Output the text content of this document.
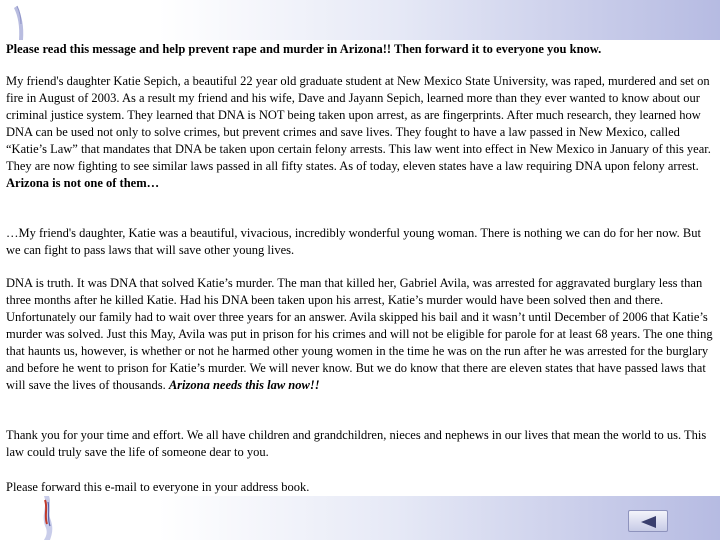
Please read this message and help prevent rape and murder in Arizona!! Then forward it to everyone you know.

My friend's daughter Katie Sepich, a beautiful 22 year old graduate student at New Mexico State University, was raped, murdered and set on fire in August of 2003. As a result my friend and his wife, Dave and Jayann Sepich, learned more than they ever wanted to know about our criminal justice system. They learned that DNA is NOT being taken upon arrest, as are fingerprints. After much research, they learned how DNA can be used not only to solve crimes, but prevent crimes and save lives. They fought to have a law passed in New Mexico, called “Katie’s Law” that mandates that DNA be taken upon certain felony arrests. This law went into effect in New Mexico in January of this year. They are now fighting to see similar laws passed in all fifty states. As of today, eleven states have a law requiring DNA upon felony arrest. Arizona is not one of them…

…My friend's daughter, Katie was a beautiful, vivacious, incredibly wonderful young woman. There is nothing we can do for her now. But we can fight to pass laws that will save other young lives.

DNA is truth. It was DNA that solved Katie’s murder. The man that killed her, Gabriel Avila, was arrested for aggravated burglary less than three months after he killed Katie. Had his DNA been taken upon his arrest, Katie’s murder would have been solved then and there. Unfortunately our family had to wait over three years for an answer. Avila skipped his bail and it wasn’t until December of 2006 that Katie’s murder was solved. Just this May, Avila was put in prison for his crimes and will not be eligible for parole for at least 68 years. The one thing that haunts us, however, is whether or not he harmed other young women in the time he was on the run after he was arrested for the burglary and before he went to prison for Katie’s murder. We will never know. But we do know that there are eleven states that have passed laws that will save the lives of thousands. Arizona needs this law now!!

Thank you for your time and effort. We all have children and grandchildren, nieces and nephews in our lives that mean the world to us. This law could truly save the life of someone dear to you.

Please forward this e-mail to everyone in your address book.
